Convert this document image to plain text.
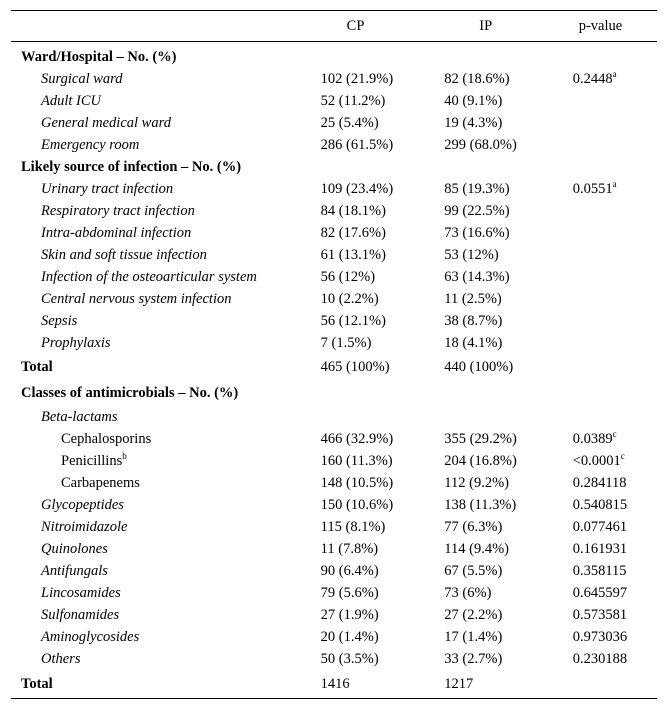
	CP	IP	p-value
Ward/Hospital – No. (%)			
Surgical ward	102 (21.9%)	82 (18.6%)	0.2448$^a$
Adult ICU	52 (11.2%)	40 (9.1%)	
General medical ward	25 (5.4%)	19 (4.3%)	
Emergency room	286 (61.5%)	299 (68.0%)	
Likely source of infection – No. (%)			
Urinary tract infection	109 (23.4%)	85 (19.3%)	0.0551$^a$
Respiratory tract infection	84 (18.1%)	99 (22.5%)	
Intra-abdominal infection	82 (17.6%)	73 (16.6%)	
Skin and soft tissue infection	61 (13.1%)	53 (12%)	
Infection of the osteoarticular system	56 (12%)	63 (14.3%)	
Central nervous system infection	10 (2.2%)	11 (2.5%)	
Sepsis	56 (12.1%)	38 (8.7%)	
Prophylaxis	7 (1.5%)	18 (4.1%)	
Total	465 (100%)	440 (100%)	
Classes of antimicrobials – No. (%)			
Beta-lactams			
Cephalosporins	466 (32.9%)	355 (29.2%)	0.0389$^c$
Penicillins$^b$	160 (11.3%)	204 (16.8%)	<0.0001$^c$
Carbapenems	148 (10.5%)	112 (9.2%)	0.284118
Glycopeptides	150 (10.6%)	138 (11.3%)	0.540815
Nitroimidazole	115 (8.1%)	77 (6.3%)	0.077461
Quinolones	11 (7.8%)	114 (9.4%)	0.161931
Antifungals	90 (6.4%)	67 (5.5%)	0.358115
Lincosamides	79 (5.6%)	73 (6%)	0.645597
Sulfonamides	27 (1.9%)	27 (2.2%)	0.573581
Aminoglycosides	20 (1.4%)	17 (1.4%)	0.973036
Others	50 (3.5%)	33 (2.7%)	0.230188
Total	1416	1217	
